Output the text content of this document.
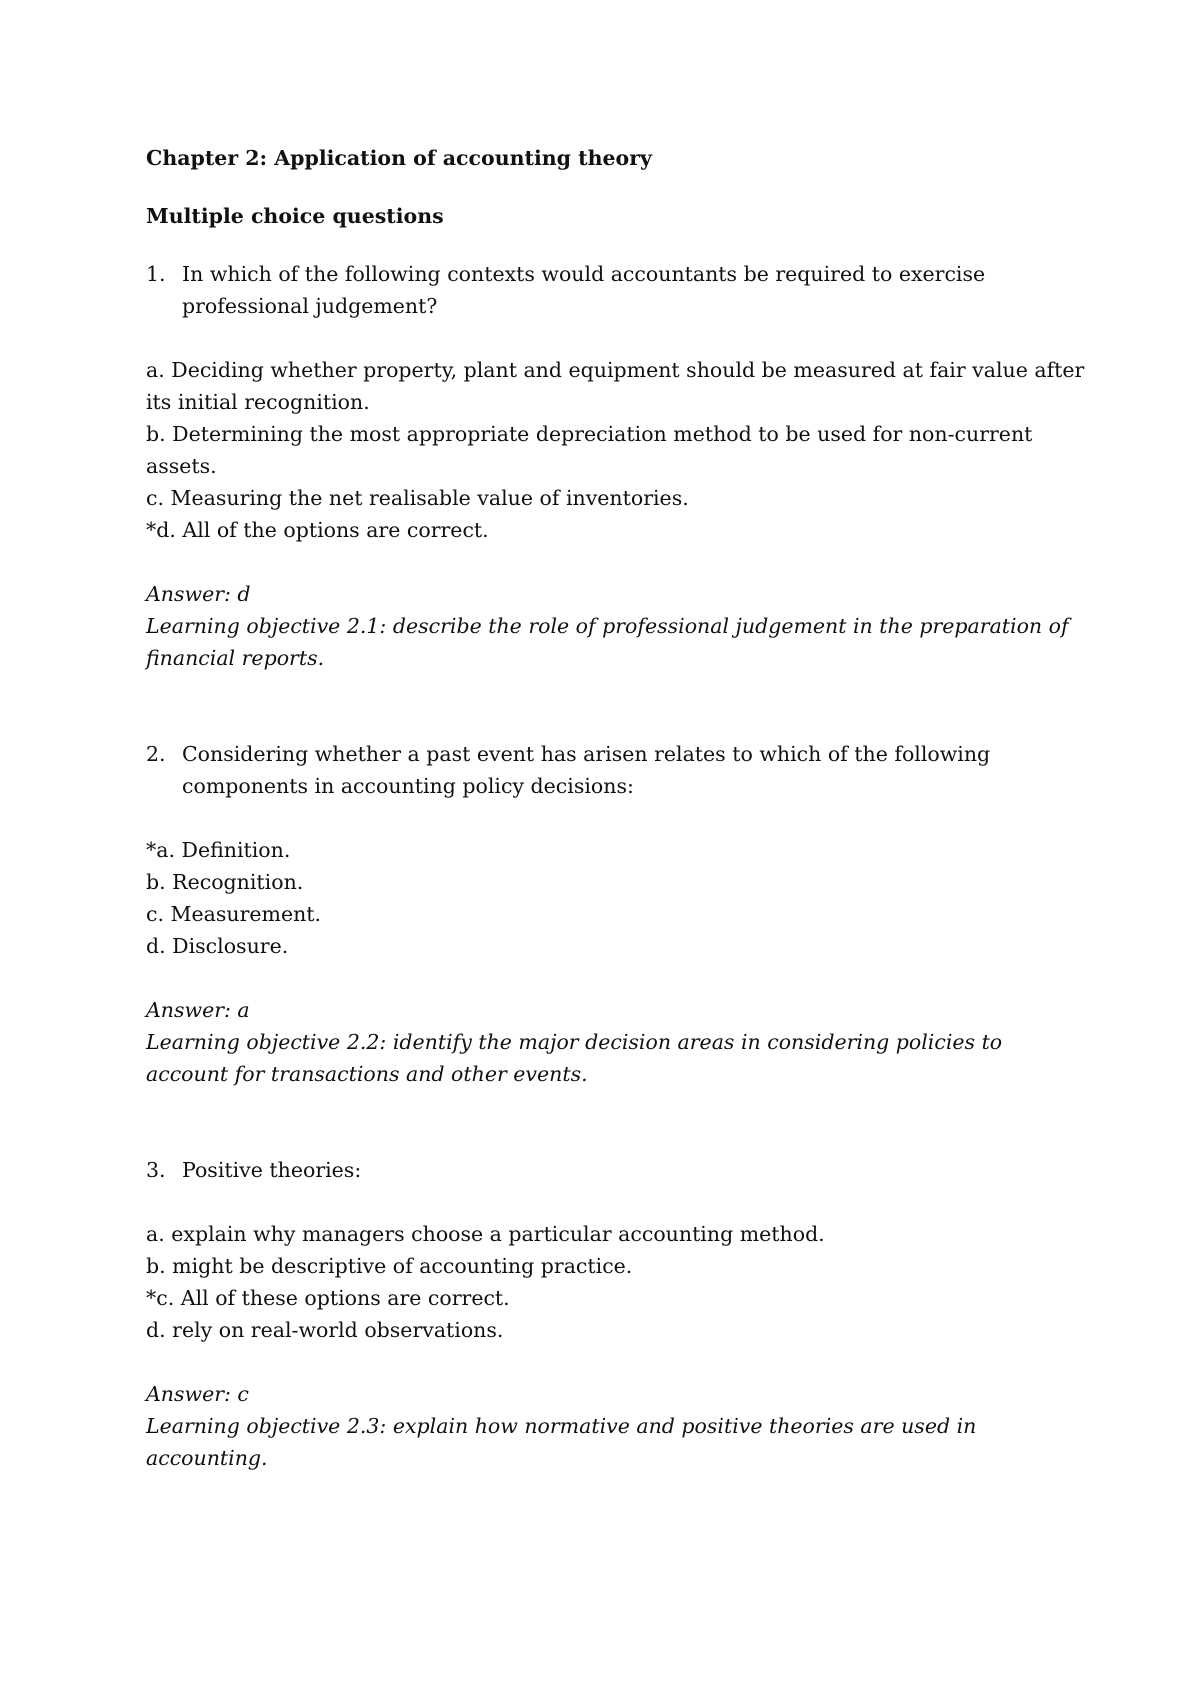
Chapter 2: Application of accounting theory

Multiple choice questions

1. In which of the following contexts would accountants be required to exercise professional judgement?

a. Deciding whether property, plant and equipment should be measured at fair value after its initial recognition.

b. Determining the most appropriate depreciation method to be used for non-current assets.

c. Measuring the net realisable value of inventories.

*d. All of the options are correct.

Answer: d

Learning objective 2.1: describe the role of professional judgement in the preparation of financial reports.

2. Considering whether a past event has arisen relates to which of the following components in accounting policy decisions:

*a. Definition.

b. Recognition.

c. Measurement.

d. Disclosure.

Answer: a

Learning objective 2.2: identify the major decision areas in considering policies to account for transactions and other events.

3. Positive theories:

a. explain why managers choose a particular accounting method.

b. might be descriptive of accounting practice.

*c. All of these options are correct.

d. rely on real-world observations.

Answer: c

Learning objective 2.3: explain how normative and positive theories are used in accounting.
